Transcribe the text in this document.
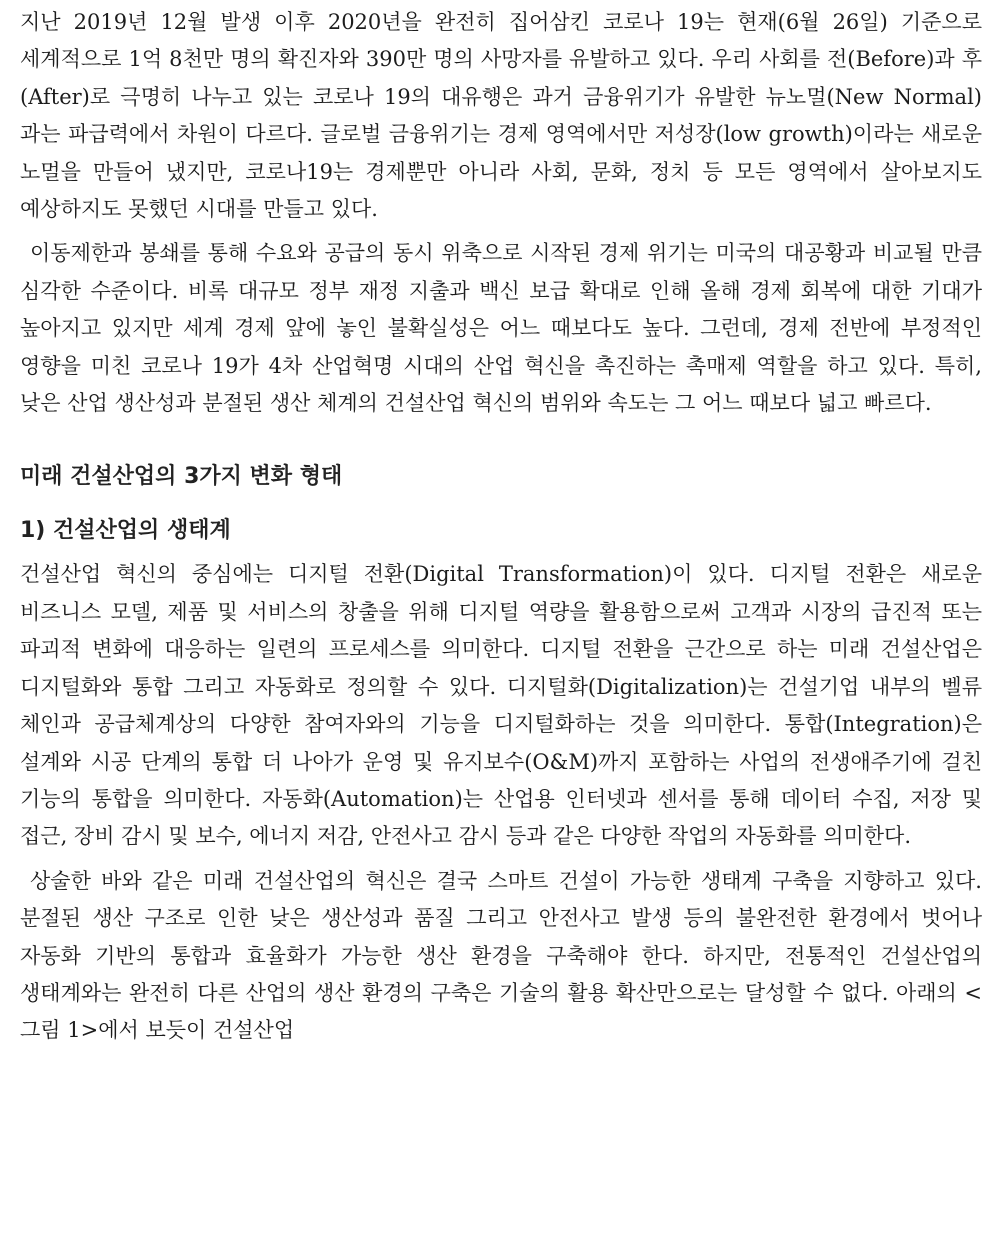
지난 2019년 12월 발생 이후 2020년을 완전히 집어삼킨 코로나 19는 현재(6월 26일) 기준으로 세계적으로 1억 8천만 명의 확진자와 390만 명의 사망자를 유발하고 있다. 우리 사회를 전(Before)과 후(After)로 극명히 나누고 있는 코로나 19의 대유행은 과거 금융위기가 유발한 뉴노멀(New Normal)과는 파급력에서 차원이 다르다. 글로벌 금융위기는 경제 영역에서만 저성장(low growth)이라는 새로운 노멀을 만들어 냈지만, 코로나19는 경제뿐만 아니라 사회, 문화, 정치 등 모든 영역에서 살아보지도 예상하지도 못했던 시대를 만들고 있다.

이동제한과 봉쇄를 통해 수요와 공급의 동시 위축으로 시작된 경제 위기는 미국의 대공황과 비교될 만큼 심각한 수준이다. 비록 대규모 정부 재정 지출과 백신 보급 확대로 인해 올해 경제 회복에 대한 기대가 높아지고 있지만 세계 경제 앞에 놓인 불확실성은 어느 때보다도 높다. 그런데, 경제 전반에 부정적인 영향을 미친 코로나 19가 4차 산업혁명 시대의 산업 혁신을 촉진하는 촉매제 역할을 하고 있다. 특히, 낮은 산업 생산성과 분절된 생산 체계의 건설산업 혁신의 범위와 속도는 그 어느 때보다 넓고 빠르다.

미래 건설산업의 3가지 변화 형태
1) 건설산업의 생태계

건설산업 혁신의 중심에는 디지털 전환(Digital Transformation)이 있다. 디지털 전환은 새로운 비즈니스 모델, 제품 및 서비스의 창출을 위해 디지털 역량을 활용함으로써 고객과 시장의 급진적 또는 파괴적 변화에 대응하는 일련의 프로세스를 의미한다. 디지털 전환을 근간으로 하는 미래 건설산업은 디지털화와 통합 그리고 자동화로 정의할 수 있다. 디지털화(Digitalization)는 건설기업 내부의 벨류 체인과 공급체계상의 다양한 참여자와의 기능을 디지털화하는 것을 의미한다. 통합(Integration)은 설계와 시공 단계의 통합 더 나아가 운영 및 유지보수(O&M)까지 포함하는 사업의 전생애주기에 걸친 기능의 통합을 의미한다. 자동화(Automation)는 산업용 인터넷과 센서를 통해 데이터 수집, 저장 및 접근, 장비 감시 및 보수, 에너지 저감, 안전사고 감시 등과 같은 다양한 작업의 자동화를 의미한다.

상술한 바와 같은 미래 건설산업의 혁신은 결국 스마트 건설이 가능한 생태계 구축을 지향하고 있다. 분절된 생산 구조로 인한 낮은 생산성과 품질 그리고 안전사고 발생 등의 불완전한 환경에서 벗어나 자동화 기반의 통합과 효율화가 가능한 생산 환경을 구축해야 한다. 하지만, 전통적인 건설산업의 생태계와는 완전히 다른 산업의 생산 환경의 구축은 기술의 활용 확산만으로는 달성할 수 없다. 아래의 <그림 1>에서 보듯이 건설산업
